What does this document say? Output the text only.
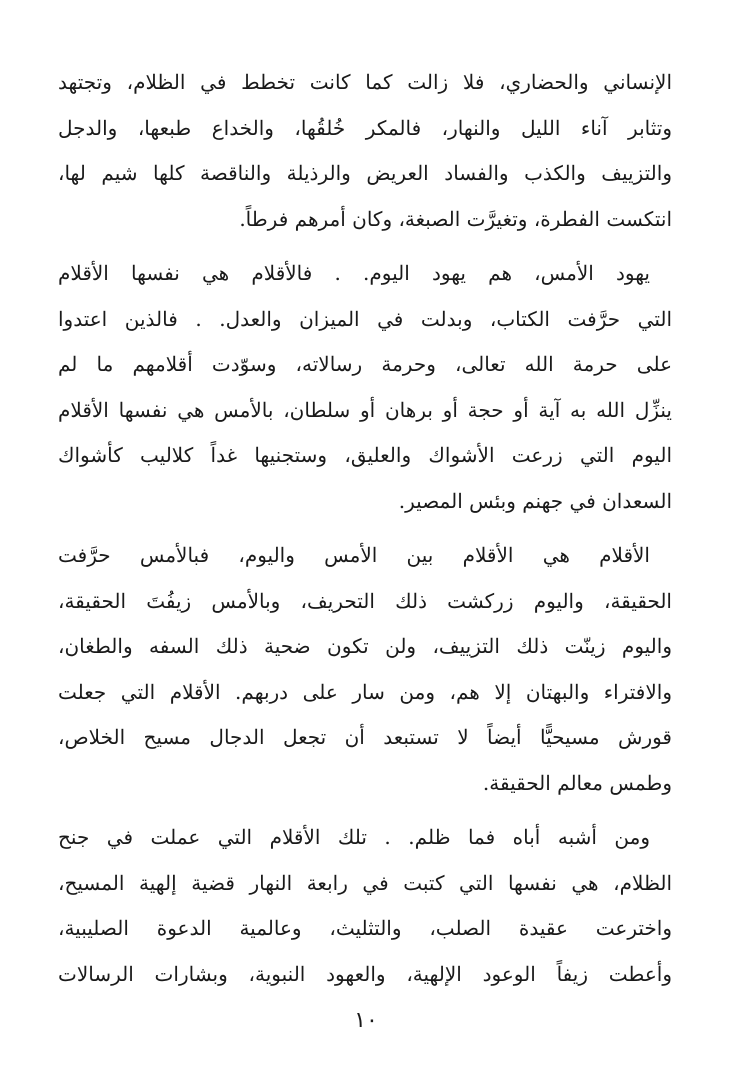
الإنساني والحضاري، فلا زالت كما كانت تخطط في الظلام، وتجتهد
وتثابر آناء الليل والنهار، فالمكر خُلقُها، والخداع طبعها، والدجل
والتزييف والكذب والفساد العريض والرذيلة والناقصة كلها شيم لها،
انتكست الفطرة، وتغيرَّت الصبغة، وكان أمرهم فرطاً.

يهود الأمس، هم يهود اليوم. . فالأقلام هي نفسها الأقلام
التي حرَّفت الكتاب، وبدلت في الميزان والعدل. . فالذين اعتدوا
على حرمة الله تعالى، وحرمة رسالاته، وسوّدت أقلامهم ما لم
ينزِّل الله به آية أو حجة أو برهان أو سلطان، بالأمس هي نفسها الأقلام
اليوم التي زرعت الأشواك والعليق، وستجنيها غداً كلاليب كأشواك
السعدان في جهنم وبئس المصير.

الأقلام هي الأقلام بين الأمس واليوم، فبالأمس حرَّفت
الحقيقة، واليوم زركشت ذلك التحريف، وبالأمس زيفُتَ الحقيقة،
واليوم زينّت ذلك التزييف، ولن تكون ضحية ذلك السفه والطغان،
والافتراء والبهتان إلا هم، ومن سار على دربهم. الأقلام التي جعلت
قورش مسيحيًّا أيضاً لا تستبعد أن تجعل الدجال مسيح الخلاص،
وطمس معالم الحقيقة.

ومن أشبه أباه فما ظلم. . تلك الأقلام التي عملت في جنح
الظلام، هي نفسها التي كتبت في رابعة النهار قضية إلهية المسيح،
واخترعت عقيدة الصلب، والتثليث، وعالمية الدعوة الصليبية،
وأعطت زيفاً الوعود الإلهية، والعهود النبوية، وبشارات الرسالات

١٠
